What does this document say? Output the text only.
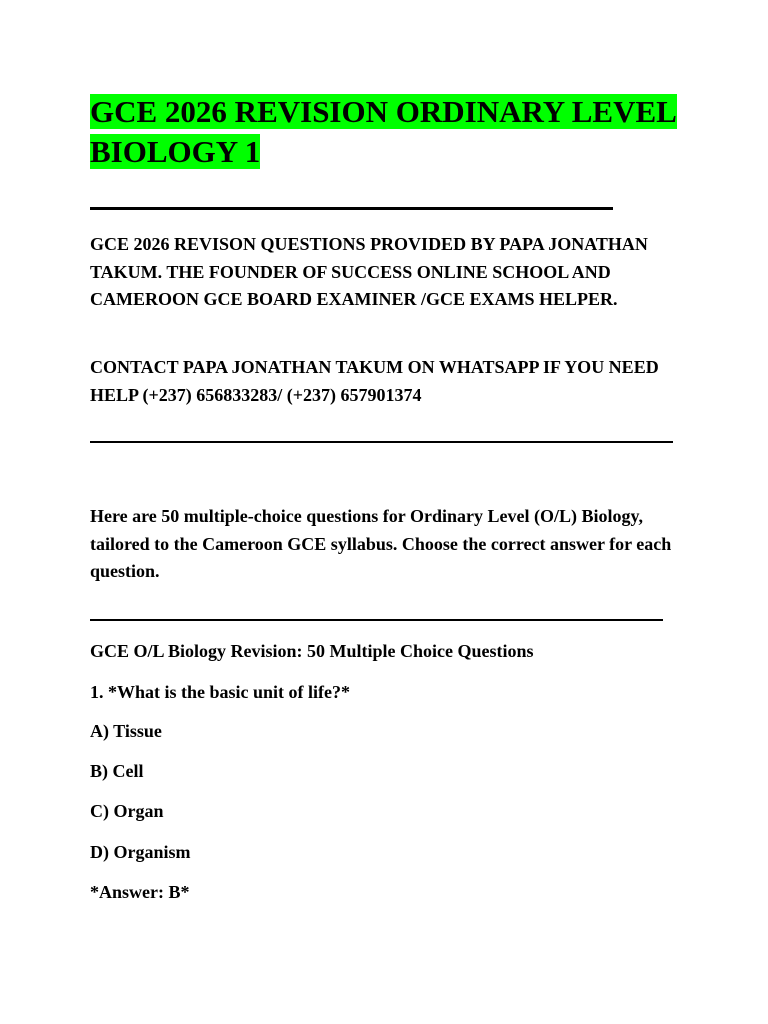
GCE 2026 REVISION ORDINARY LEVEL BIOLOGY 1

GCE 2026 REVISON QUESTIONS PROVIDED BY PAPA JONATHAN TAKUM. THE FOUNDER OF SUCCESS ONLINE SCHOOL AND CAMEROON GCE BOARD EXAMINER /GCE EXAMS HELPER.

CONTACT PAPA JONATHAN TAKUM ON WHATSAPP IF YOU NEED HELP (+237) 656833283/ (+237) 657901374

Here are 50 multiple-choice questions for Ordinary Level (O/L) Biology, tailored to the Cameroon GCE syllabus. Choose the correct answer for each question.

GCE O/L Biology Revision: 50 Multiple Choice Questions

1. *What is the basic unit of life?*

A) Tissue

B) Cell

C) Organ

D) Organism

*Answer: B*
